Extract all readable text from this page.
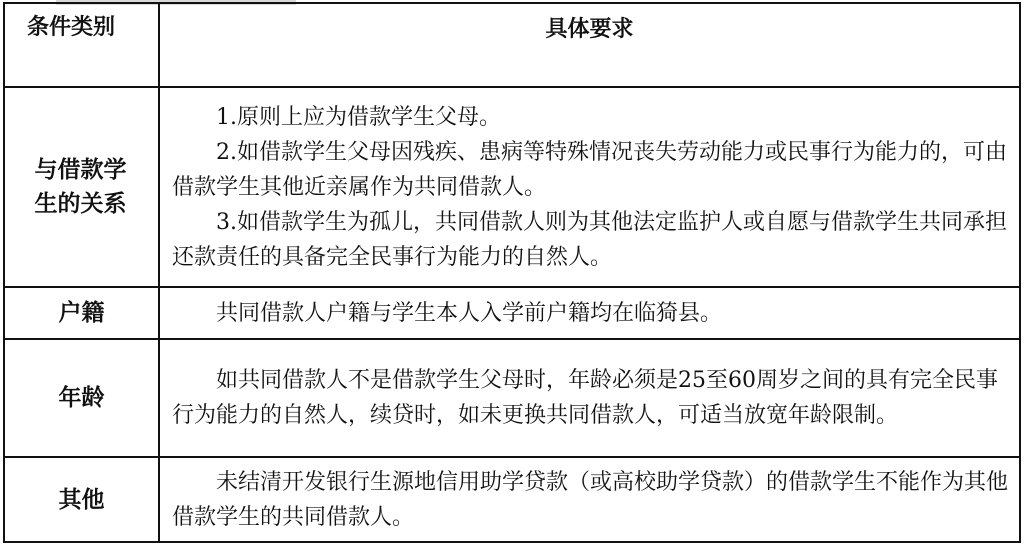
条件类别	具体要求
与借款学生的关系	1.原则上应为借款学生父母。

2.如借款学生父母因残疾、患病等特殊情况丧失劳动能力或民事行为能力的，可由借款学生其他近亲属作为共同借款人。

3.如借款学生为孤儿，共同借款人则为其他法定监护人或自愿与借款学生共同承担还款责任的具备完全民事行为能力的自然人。

户籍	共同借款人户籍与学生本人入学前户籍均在临猗县。

年龄	如共同借款人不是借款学生父母时，年龄必须是25至60周岁之间的具有完全民事行为能力的自然人，续贷时，如未更换共同借款人，可适当放宽年龄限制。

其他	未结清开发银行生源地信用助学贷款（或高校助学贷款）的借款学生不能作为其他借款学生的共同借款人。
